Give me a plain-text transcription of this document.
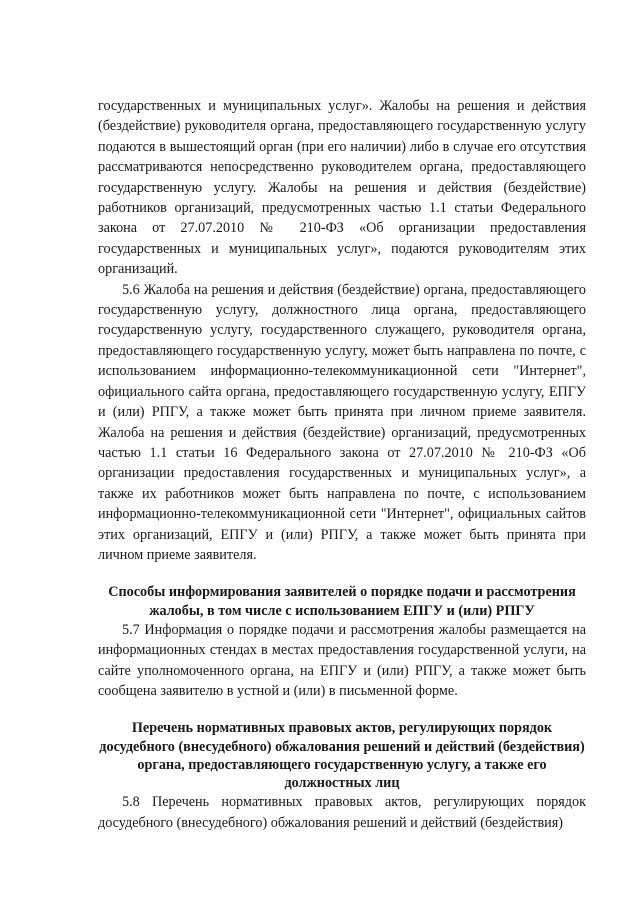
государственных и муниципальных услуг». Жалобы на решения и действия (бездействие) руководителя органа, предоставляющего государственную услугу подаются в вышестоящий орган (при его наличии) либо в случае его отсутствия рассматриваются непосредственно руководителем органа, предоставляющего государственную услугу. Жалобы на решения и действия (бездействие) работников организаций, предусмотренных частью 1.1 статьи Федерального закона от 27.07.2010 № 210-ФЗ «Об организации предоставления государственных и муниципальных услуг», подаются руководителям этих организаций.

5.6 Жалоба на решения и действия (бездействие) органа, предоставляющего государственную услугу, должностного лица органа, предоставляющего государственную услугу, государственного служащего, руководителя органа, предоставляющего государственную услугу, может быть направлена по почте, с использованием информационно-телекоммуникационной сети "Интернет", официального сайта органа, предоставляющего государственную услугу, ЕПГУ и (или) РПГУ, а также может быть принята при личном приеме заявителя. Жалоба на решения и действия (бездействие) организаций, предусмотренных частью 1.1 статьи 16 Федерального закона от 27.07.2010 № 210-ФЗ «Об организации предоставления государственных и муниципальных услуг», а также их работников может быть направлена по почте, с использованием информационно-телекоммуникационной сети "Интернет", официальных сайтов этих организаций, ЕПГУ и (или) РПГУ, а также может быть принята при личном приеме заявителя.

Способы информирования заявителей о порядке подачи и рассмотрения жалобы, в том числе с использованием ЕПГУ и (или) РПГУ

5.7 Информация о порядке подачи и рассмотрения жалобы размещается на информационных стендах в местах предоставления государственной услуги, на сайте уполномоченного органа, на ЕПГУ и (или) РПГУ, а также может быть сообщена заявителю в устной и (или) в письменной форме.

Перечень нормативных правовых актов, регулирующих порядок досудебного (внесудебного) обжалования решений и действий (бездействия) органа, предоставляющего государственную услугу, а также его должностных лиц

5.8 Перечень нормативных правовых актов, регулирующих порядок досудебного (внесудебного) обжалования решений и действий (бездействия)
